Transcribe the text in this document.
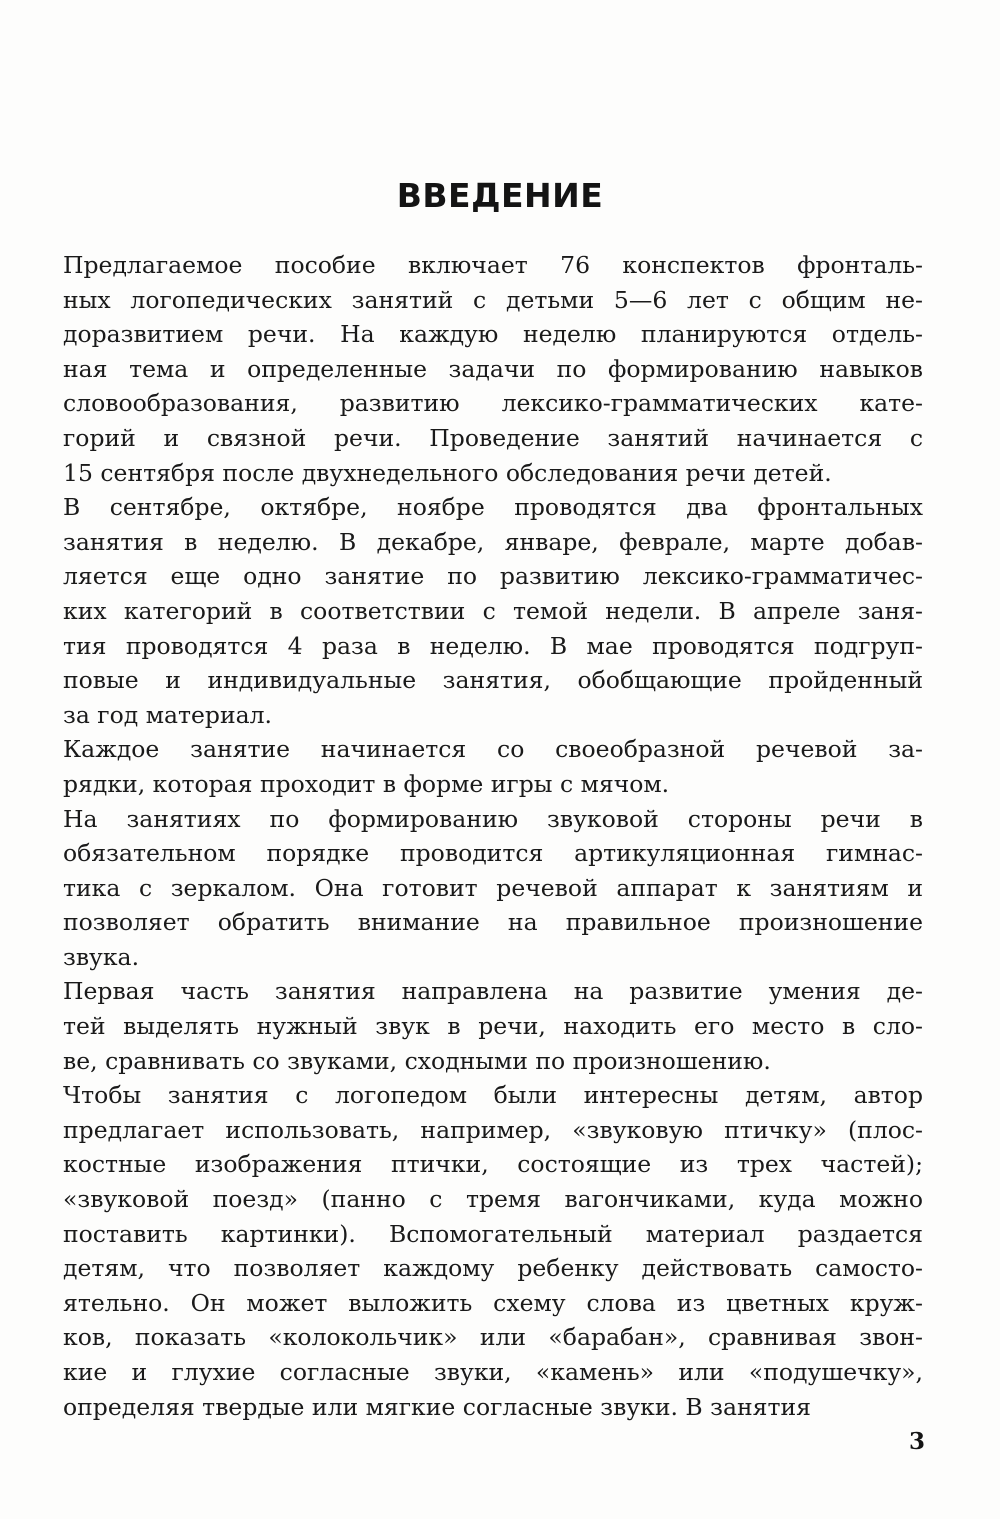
ВВЕДЕНИЕ
Предлагаемое пособие включает 76 конспектов фронталь-
ных логопедических занятий с детьми 5—6 лет с общим не-
доразвитием речи. На каждую неделю планируются отдель-
ная тема и определенные задачи по формированию навыков
словообразования, развитию лексико-грамматических кате-
горий и связной речи. Проведение занятий начинается с
15 сентября после двухнедельного обследования речи детей.
В сентябре, октябре, ноябре проводятся два фронтальных
занятия в неделю. В декабре, январе, феврале, марте добав-
ляется еще одно занятие по развитию лексико-грамматичес-
ких категорий в соответствии с темой недели. В апреле заня-
тия проводятся 4 раза в неделю. В мае проводятся подгруп-
повые и индивидуальные занятия, обобщающие пройденный
за год материал.
Каждое занятие начинается со своеобразной речевой за-
рядки, которая проходит в форме игры с мячом.
На занятиях по формированию звуковой стороны речи в
обязательном порядке проводится артикуляционная гимнас-
тика с зеркалом. Она готовит речевой аппарат к занятиям и
позволяет обратить внимание на правильное произношение
звука.
Первая часть занятия направлена на развитие умения де-
тей выделять нужный звук в речи, находить его место в сло-
ве, сравнивать со звуками, сходными по произношению.
Чтобы занятия с логопедом были интересны детям, автор
предлагает использовать, например, «звуковую птичку» (плос-
костные изображения птички, состоящие из трех частей);
«звуковой поезд» (панно с тремя вагончиками, куда можно
поставить картинки). Вспомогательный материал раздается
детям, что позволяет каждому ребенку действовать самосто-
ятельно. Он может выложить схему слова из цветных круж-
ков, показать «колокольчик» или «барабан», сравнивая звон-
кие и глухие согласные звуки, «камень» или «подушечку»,
определяя твердые или мягкие согласные звуки. В занятия
3
